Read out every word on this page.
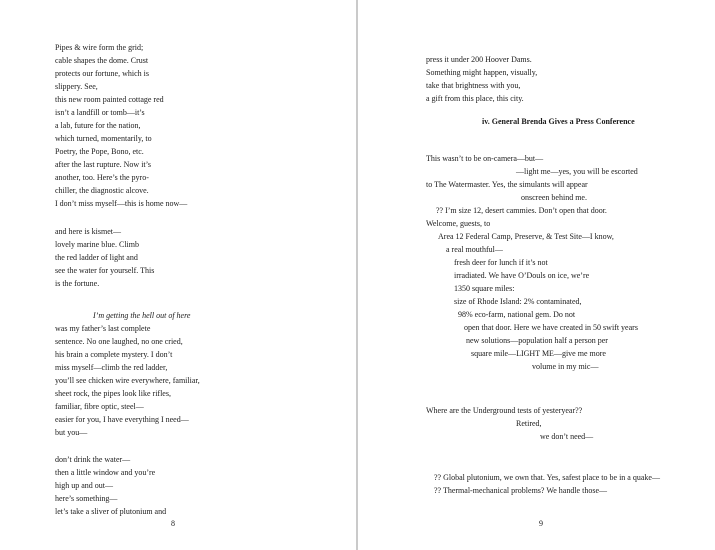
Pipes & wire form the grid;
cable shapes the dome. Crust
protects our fortune, which is
slippery. See,
this new room painted cottage red
isn’t a landfill or tomb—it’s
a lab, future for the nation,
which turned, momentarily, to
Poetry, the Pope, Bono, etc.
after the last rupture. Now it’s
another, too. Here’s the pyro-
chiller, the diagnostic alcove.
I don’t miss myself—this is home now—
and here is kismet—
lovely marine blue. Climb
the red ladder of light and
see the water for yourself. This
is the fortune.
I’m getting the hell out of here
was my father’s last complete
sentence. No one laughed, no one cried,
his brain a complete mystery. I don’t
miss myself—climb the red ladder,
you’ll see chicken wire everywhere, familiar,
sheet rock, the pipes look like rifles,
familiar, fibre optic, steel—
easier for you, I have everything I need—
but you—
don’t drink the water—
then a little window and you’re
high up and out—
here’s something—
let’s take a sliver of plutonium and
8
press it under 200 Hoover Dams.
Something might happen, visually,
take that brightness with you,
a gift from this place, this city.
iv. General Brenda Gives a Press Conference
This wasn’t to be on-camera—but—
—light me—yes, you will be escorted
to The Watermaster. Yes, the simulants will appear
onscreen behind me.
?? I’m size 12, desert cammies. Don’t open that door.
Welcome, guests, to
Area 12 Federal Camp, Preserve, & Test Site—I know,
a real mouthful—
fresh deer for lunch if it’s not
irradiated. We have O’Douls on ice, we’re
1350 square miles:
size of Rhode Island: 2% contaminated,
98% eco-farm, national gem. Do not
open that door. Here we have created in 50 swift years
new solutions—population half a person per
square mile—LIGHT ME—give me more
volume in my mic—
Where are the Underground tests of yesteryear??
Retired,
we don’t need—
?? Global plutonium, we own that. Yes, safest place to be in a quake—
?? Thermal-mechanical problems? We handle those—
9
